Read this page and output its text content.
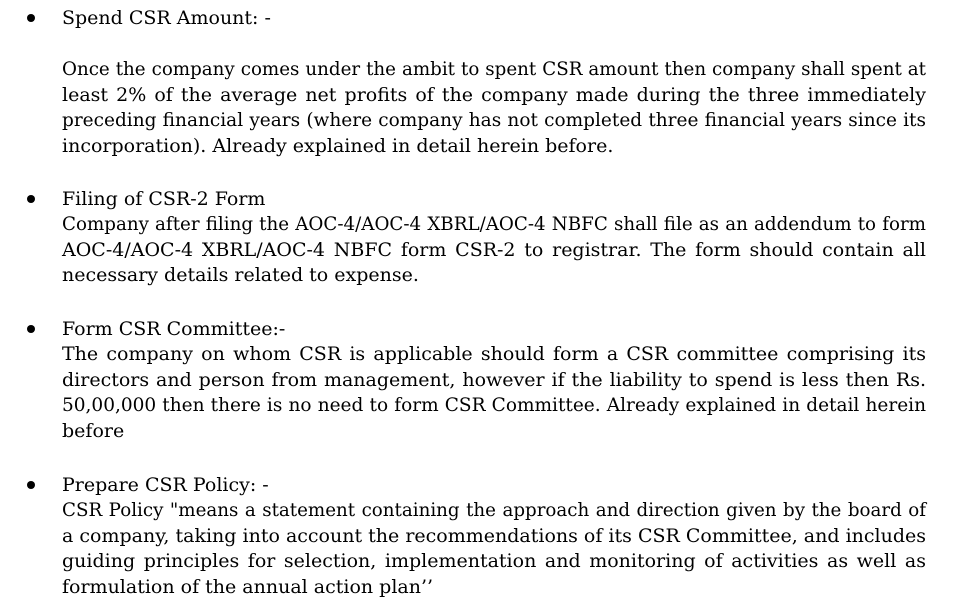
Spend CSR Amount: -
Once the company comes under the ambit to spent CSR amount then company shall spent at
least 2% of the average net profits of the company made during the three immediately
preceding financial years (where company has not completed three financial years since its
incorporation). Already explained in detail herein before.
Filing of CSR-2 Form
Company after filing the AOC-4/AOC-4 XBRL/AOC-4 NBFC shall file as an addendum to form
AOC-4/AOC-4 XBRL/AOC-4 NBFC form CSR-2 to registrar. The form should contain all
necessary details related to expense.
Form CSR Committee:-
The company on whom CSR is applicable should form a CSR committee comprising its
directors and person from management, however if the liability to spend is less then Rs.
50,00,000 then there is no need to form CSR Committee. Already explained in detail herein
before
Prepare CSR Policy: -
CSR Policy "means a statement containing the approach and direction given by the board of
a company, taking into account the recommendations of its CSR Committee, and includes
guiding principles for selection, implementation and monitoring of activities as well as
formulation of the annual action plan’’
